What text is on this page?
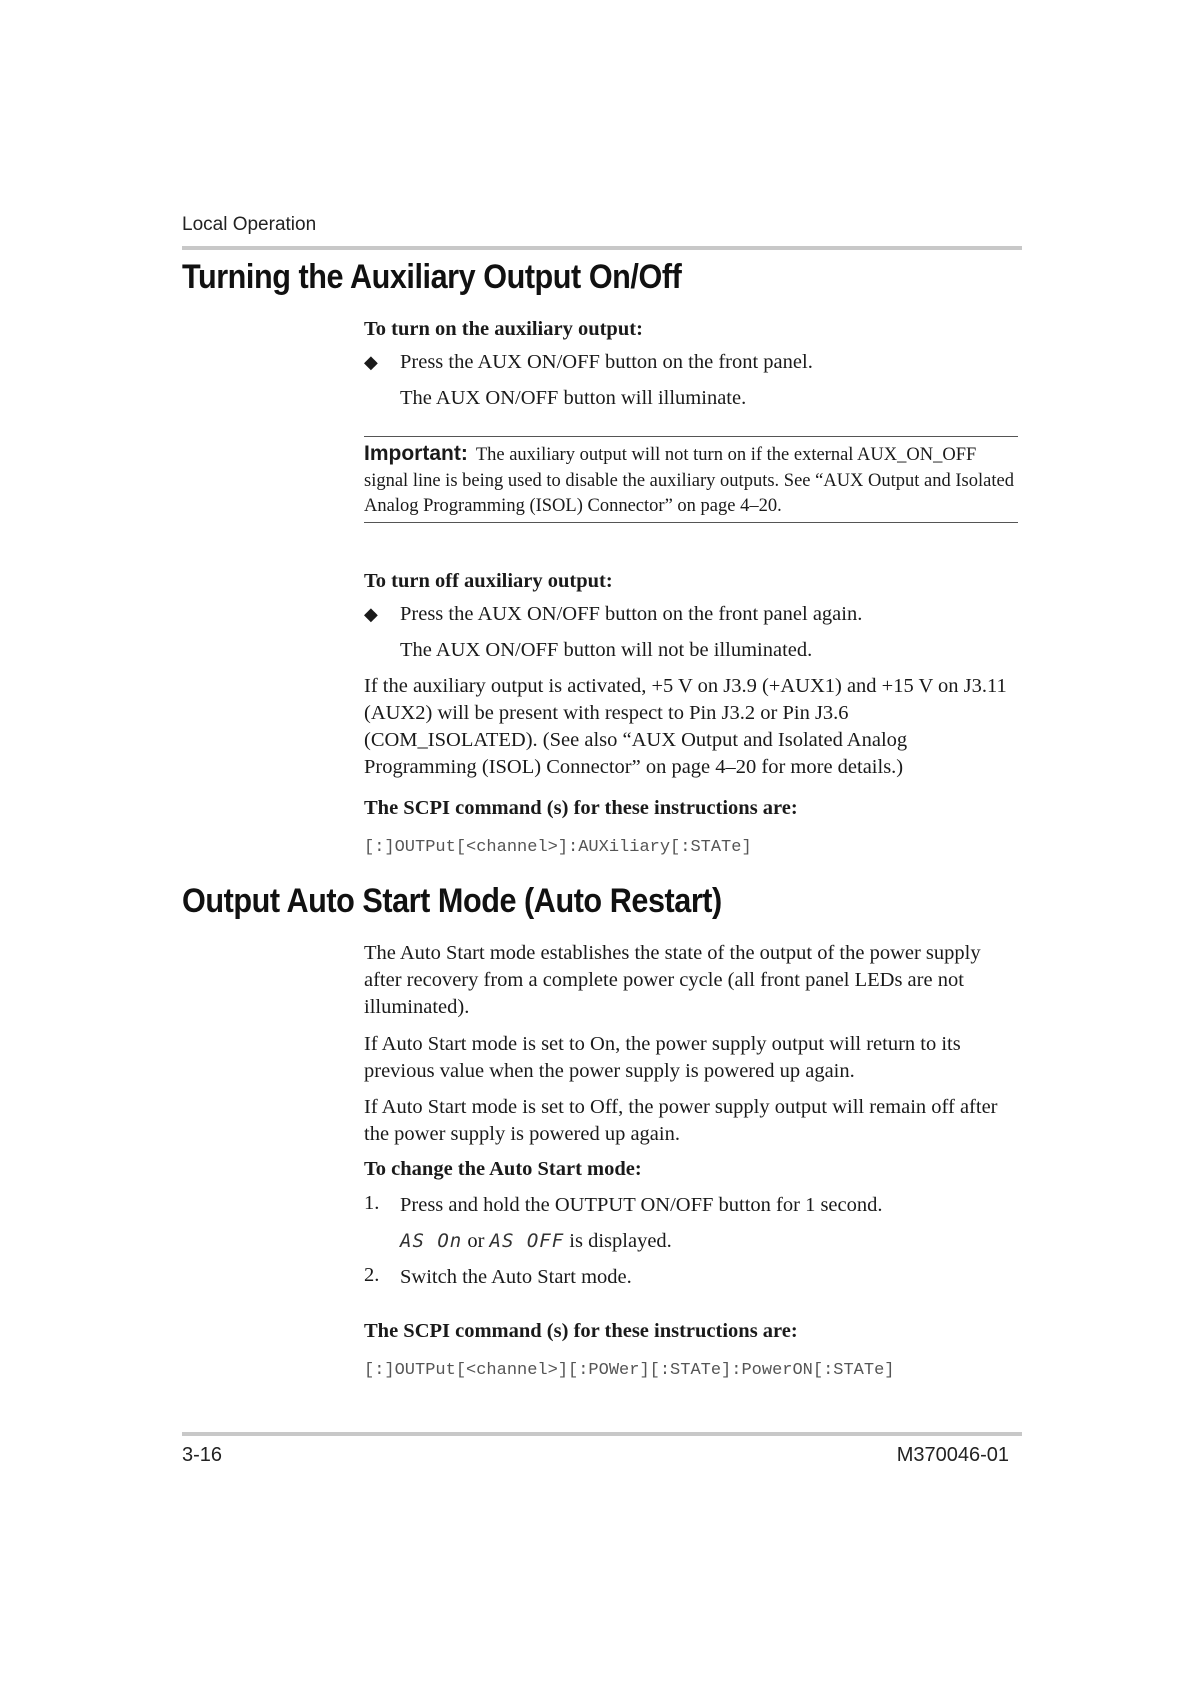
Local Operation
Turning the Auxiliary Output On/Off
To turn on the auxiliary output:
◆ Press the AUX ON/OFF button on the front panel.
The AUX ON/OFF button will illuminate.
Important: The auxiliary output will not turn on if the external AUX_ON_OFF signal line is being used to disable the auxiliary outputs. See “AUX Output and Isolated Analog Programming (ISOL) Connector” on page 4–20.
To turn off auxiliary output:
◆ Press the AUX ON/OFF button on the front panel again.
The AUX ON/OFF button will not be illuminated.
If the auxiliary output is activated, +5 V on J3.9 (+AUX1) and +15 V on J3.11 (AUX2) will be present with respect to Pin J3.2 or Pin J3.6 (COM_ISOLATED). (See also “AUX Output and Isolated Analog Programming (ISOL) Connector” on page 4–20 for more details.)
The SCPI command (s) for these instructions are:
[:]OUTPut[<channel>]:AUXiliary[:STATe]
Output Auto Start Mode (Auto Restart)
The Auto Start mode establishes the state of the output of the power supply after recovery from a complete power cycle (all front panel LEDs are not illuminated).
If Auto Start mode is set to On, the power supply output will return to its previous value when the power supply is powered up again.
If Auto Start mode is set to Off, the power supply output will remain off after the power supply is powered up again.
To change the Auto Start mode:
1. Press and hold the OUTPUT ON/OFF button for 1 second.
AS On or AS OFF is displayed.
2. Switch the Auto Start mode.
The SCPI command (s) for these instructions are:
[:]OUTPut[<channel>][:POWer][:STATe]:PowerON[:STATe]
3-16	M370046-01
